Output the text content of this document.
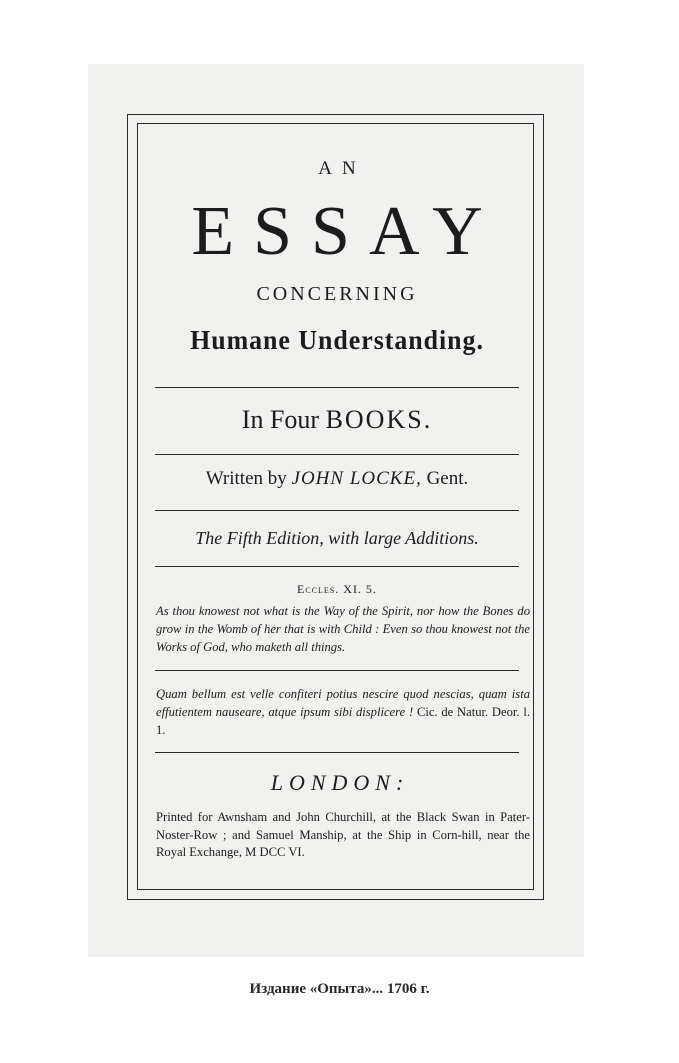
AN
ESSAY
CONCERNING
Humane Understanding.
In Four BOOKS.
Written by JOHN LOCKE, Gent.
The Fifth Edition, with large Additions.
Eccles. XI. 5.

As thou knowest not what is the Way of the Spirit, nor how the Bones do grow in the Womb of her that is with Child : Even so thou knowest not the Works of God, who maketh all things.

Quam bellum est velle confiteri potius nescire quod nescias, quam ista effutientem nauseare, atque ipsum sibi displicere ! Cic. de Natur. Deor. l. 1.

LONDON:

Printed for Awnsham and John Churchill, at the Black Swan in Pater-Noster-Row ; and Samuel Manship, at the Ship in Corn-hill, near the Royal Exchange, M DCC VI.

Издание «Опыта»... 1706 г.
